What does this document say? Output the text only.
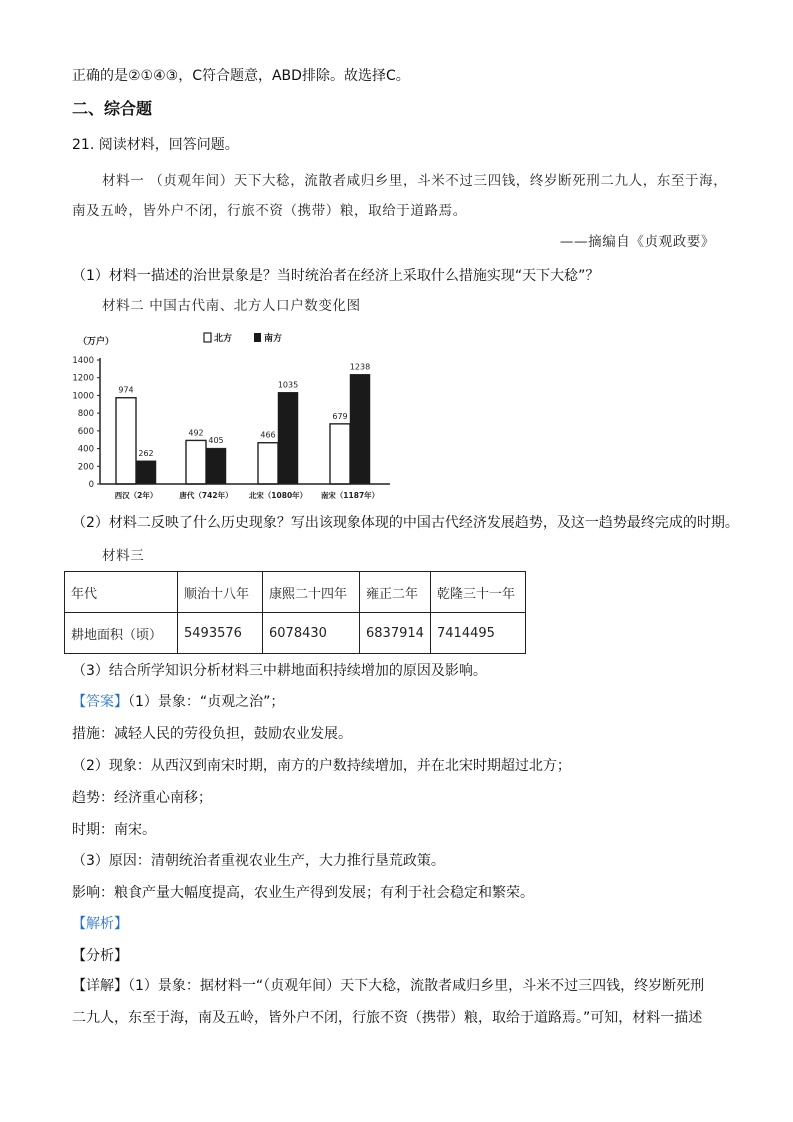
正确的是②①④③，C符合题意，ABD排除。故选择C。
二、综合题
21. 阅读材料，回答问题。
材料一 （贞观年间）天下大稔，流散者咸归乡里，斗米不过三四钱，终岁断死刑二九人，东至于海，
南及五岭，皆外户不闭，行旅不资（携带）粮，取给于道路焉。
——摘编自《贞观政要》
（1）材料一描述的治世景象是？当时统治者在经济上采取什么措施实现“天下大稔”？
材料二 中国古代南、北方人口户数变化图
（万户）	北方	南方
1400
1200
1000
800
600
400
200
0
974
262
492
405
466
1035
679
1238
西汉（2年）	唐代（742年） 北宋（1080年） 南宋（1187年）
（2）材料二反映了什么历史现象？写出该现象体现的中国古代经济发展趋势，及这一趋势最终完成的时期。
材料三
年代	顺治十八年	康熙二十四年	雍正二年	乾隆三十一年
耕地面积（顷）	5493576	6078430	6837914	7414495
（3）结合所学知识分析材料三中耕地面积持续增加的原因及影响。
【答案】（1）景象：“贞观之治”；
措施：减轻人民的劳役负担，鼓励农业发展。
（2）现象：从西汉到南宋时期，南方的户数持续增加，并在北宋时期超过北方；
趋势：经济重心南移；
时期：南宋。
（3）原因：清朝统治者重视农业生产，大力推行垦荒政策。
影响：粮食产量大幅度提高，农业生产得到发展；有利于社会稳定和繁荣。
【解析】
【分析】
【详解】（1）景象：据材料一“（贞观年间）天下大稔，流散者咸归乡里，斗米不过三四钱，终岁断死刑
二九人，东至于海，南及五岭，皆外户不闭，行旅不资（携带）粮，取给于道路焉。”可知，材料一描述
